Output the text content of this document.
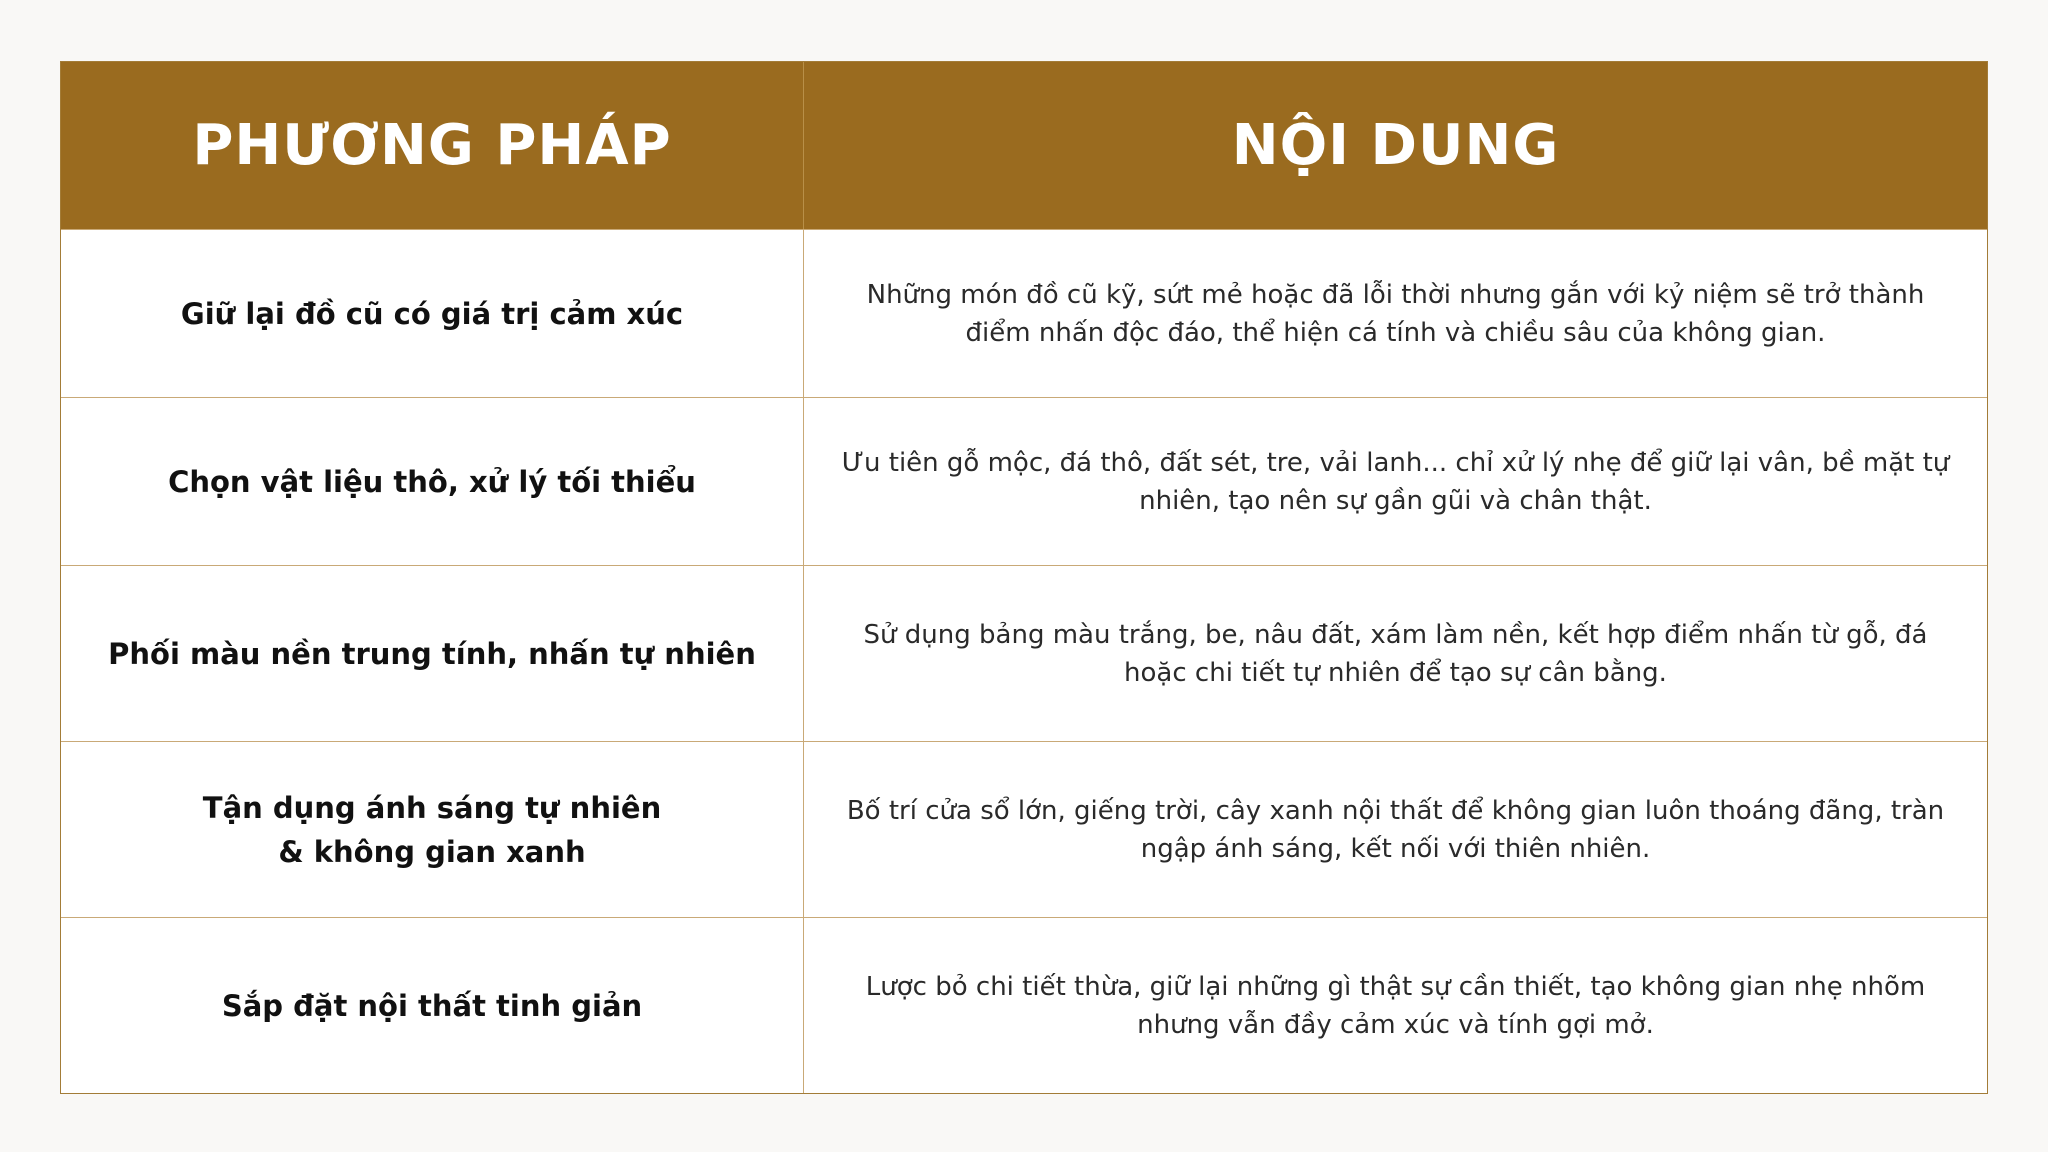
PHƯƠNG PHÁP	NỘI DUNG
Giữ lại đồ cũ có giá trị cảm xúc
Những món đồ cũ kỹ, sứt mẻ hoặc đã lỗi thời nhưng gắn với kỷ niệm sẽ trở thành điểm nhấn độc đáo, thể hiện cá tính và chiều sâu của không gian.
Chọn vật liệu thô, xử lý tối thiểu
Ưu tiên gỗ mộc, đá thô, đất sét, tre, vải lanh... chỉ xử lý nhẹ để giữ lại vân, bề mặt tự nhiên, tạo nên sự gần gũi và chân thật.
Phối màu nền trung tính, nhấn tự nhiên
Sử dụng bảng màu trắng, be, nâu đất, xám làm nền, kết hợp điểm nhấn từ gỗ, đá hoặc chi tiết tự nhiên để tạo sự cân bằng.
Tận dụng ánh sáng tự nhiên
& không gian xanh
Bố trí cửa sổ lớn, giếng trời, cây xanh nội thất để không gian luôn thoáng đãng, tràn ngập ánh sáng, kết nối với thiên nhiên.
Sắp đặt nội thất tinh giản
Lược bỏ chi tiết thừa, giữ lại những gì thật sự cần thiết, tạo không gian nhẹ nhõm nhưng vẫn đầy cảm xúc và tính gợi mở.
